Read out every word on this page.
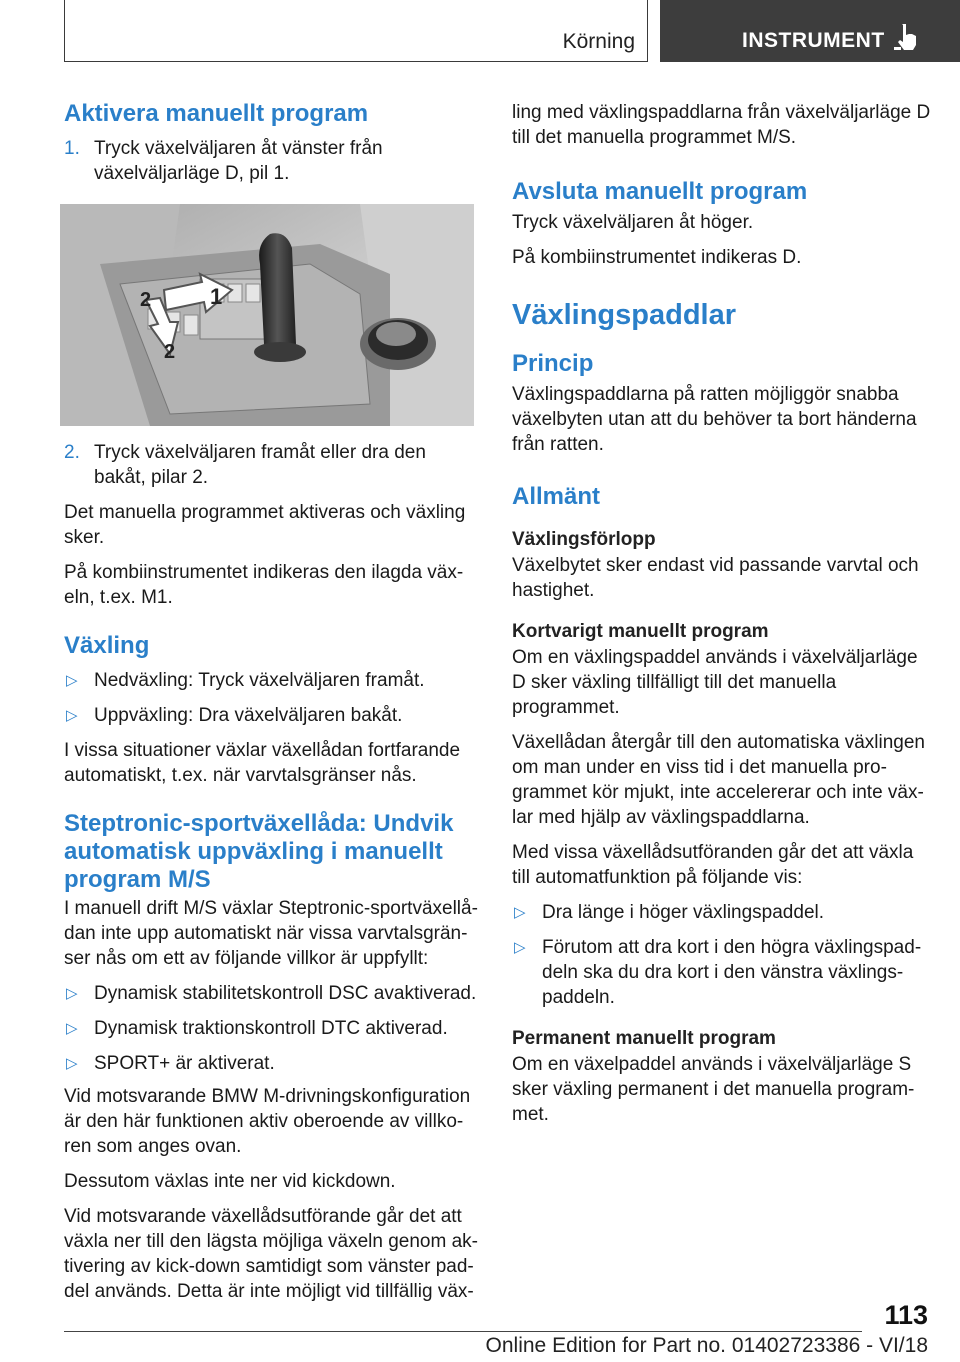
Körning	INSTRUMENT
Aktivera manuellt program
1. Tryck växelväljaren åt vänster från växelväljarläge D, pil 1.
1
2
2
2. Tryck växelväljaren framåt eller dra den bakåt, pilar 2.

Det manuella programmet aktiveras och växling sker.

På kombiinstrumentet indikeras den ilagda växeln, t.ex. M1.

Växling
▷ Nedväxling: Tryck växelväljaren framåt.
▷ Uppväxling: Dra växelväljaren bakåt.

I vissa situationer växlar växellådan fortfarande automatiskt, t.ex. när varvtalsgränser nås.

Steptronic-sportväxellåda: Undvik automatisk uppväxling i manuellt program M/S

I manuell drift M/S växlar Steptronic-sportväxellådan inte upp automatiskt när vissa varvtalsgränser nås om ett av följande villkor är uppfyllt:

▷ Dynamisk stabilitetskontroll DSC avaktiverad.
▷ Dynamisk traktionskontroll DTC aktiverad.
▷ SPORT+ är aktiverat.

Vid motsvarande BMW M-drivningskonfiguration är den här funktionen aktiv oberoende av villkoren som anges ovan.

Dessutom växlas inte ner vid kickdown.

Vid motsvarande växellådsutförande går det att växla ner till den lägsta möjliga växeln genom aktivering av kick-down samtidigt som vänster paddel används. Detta är inte möjligt vid tillfällig väx-

ling med växlingspaddlarna från växelväljarläge D till det manuella programmet M/S.

Avsluta manuellt program

Tryck växelväljaren åt höger.

På kombiinstrumentet indikeras D.

Växlingspaddlar
Princip

Växlingspaddlarna på ratten möjliggör snabba växelbyten utan att du behöver ta bort händerna från ratten.

Allmänt
Växlingsförlopp

Växelbytet sker endast vid passande varvtal och hastighet.

Kortvarigt manuellt program

Om en växlingspaddel används i växelväljarläge D sker växling tillfälligt till det manuella programmet.

Växellådan återgår till den automatiska växlingen om man under en viss tid i det manuella programmet kör mjukt, inte accelererar och inte växlar med hjälp av växlingspaddlarna.

Med vissa växellådsutföranden går det att växla till automatfunktion på följande vis:

▷ Dra länge i höger växlingspaddel.
▷ Förutom att dra kort i den högra växlingspaddeln ska du dra kort i den vänstra växlingspaddeln.
Permanent manuellt program

Om en växelpaddel används i växelväljarläge S sker växling permanent i det manuella programmet.

113
Online Edition for Part no. 01402723386 - VI/18
